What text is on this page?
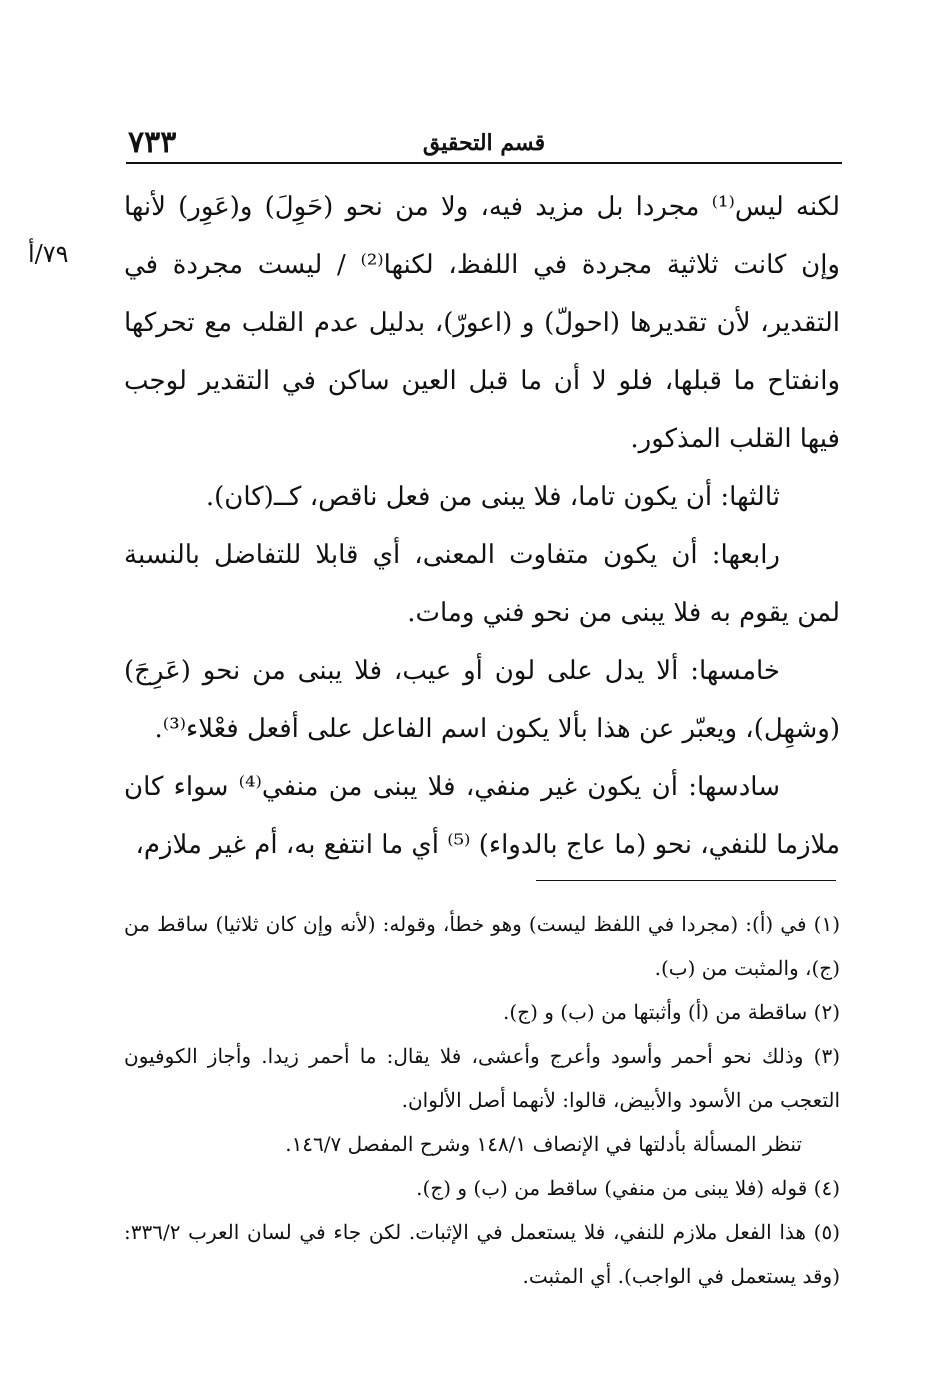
٧٣٣	قسم التحقيق
٧٩/أ

لكنه ليس⁽¹⁾ مجردا بل مزيد فيه، ولا من نحو (حَوِلَ) و(عَوِر) لأنها وإن كانت ثلاثية مجردة في اللفظ، لكنها⁽²⁾ / ليست مجردة في التقدير، لأن تقديرها (احولّ) و (اعورّ)، بدليل عدم القلب مع تحركها وانفتاح ما قبلها، فلو لا أن ما قبل العين ساكن في التقدير لوجب فيها القلب المذكور.

ثالثها: أن يكون تاما، فلا يبنى من فعل ناقص، كــ(كان).

رابعها: أن يكون متفاوت المعنى، أي قابلا للتفاضل بالنسبة لمن يقوم به فلا يبنى من نحو فني ومات.

خامسها: ألا يدل على لون أو عيب، فلا يبنى من نحو (عَرِجَ) (وشهِل)، ويعبّر عن هذا بألا يكون اسم الفاعل على أفعل فعْلاء⁽³⁾.

سادسها: أن يكون غير منفي، فلا يبنى من منفي⁽⁴⁾ سواء كان ملازما للنفي، نحو (ما عاج بالدواء) ⁽⁵⁾ أي ما انتفع به، أم غير ملازم،

(١) في (أ): (مجردا في اللفظ ليست) وهو خطأ، وقوله: (لأنه وإن كان ثلاثيا) ساقط من (ج)، والمثبت من (ب).

(٢) ساقطة من (أ) وأثبتها من (ب) و (ج).

(٣) وذلك نحو أحمر وأسود وأعرج وأعشى، فلا يقال: ما أحمر زيدا. وأجاز الكوفيون التعجب من الأسود والأبيض، قالوا: لأنهما أصل الألوان.

تنظر المسألة بأدلتها في الإنصاف ١٤٨/١ وشرح المفصل ١٤٦/٧.

(٤) قوله (فلا يبنى من منفي) ساقط من (ب) و (ج).

(٥) هذا الفعل ملازم للنفي، فلا يستعمل في الإثبات. لكن جاء في لسان العرب ٣٣٦/٢: (وقد يستعمل في الواجب). أي المثبت.
